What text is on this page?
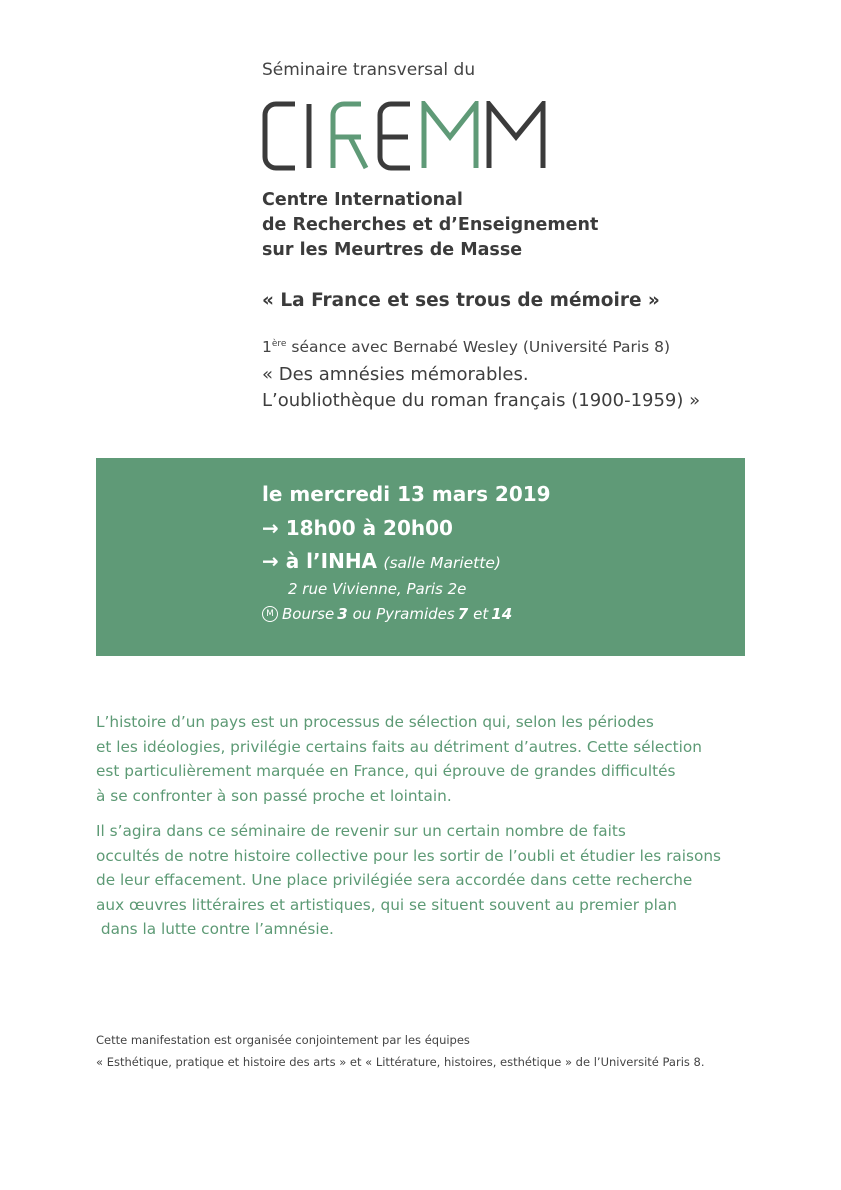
Séminaire transversal du
Centre International
de Recherches et d’Enseignement
sur les Meurtres de Masse
« La France et ses trous de mémoire »
1ère séance avec Bernabé Wesley (Université Paris 8)
« Des amnésies mémorables.
L’oubliothèque du roman français (1900-1959) »
le mercredi 13 mars 2019
→ 18h00 à 20h00
→ à l’INHA (salle Mariette)
2 rue Vivienne, Paris 2e
M Bourse 3 ou Pyramides 7 et 14
L’histoire d’un pays est un processus de sélection qui, selon les périodes
et les idéologies, privilégie certains faits au détriment d’autres. Cette sélection
est particulièrement marquée en France, qui éprouve de grandes difficultés
à se confronter à son passé proche et lointain.
Il s’agira dans ce séminaire de revenir sur un certain nombre de faits
occultés de notre histoire collective pour les sortir de l’oubli et étudier les raisons
de leur effacement. Une place privilégiée sera accordée dans cette recherche
aux œuvres littéraires et artistiques, qui se situent souvent au premier plan
dans la lutte contre l’amnésie.
Cette manifestation est organisée conjointement par les équipes
« Esthétique, pratique et histoire des arts » et « Littérature, histoires, esthétique » de l’Université Paris 8.
